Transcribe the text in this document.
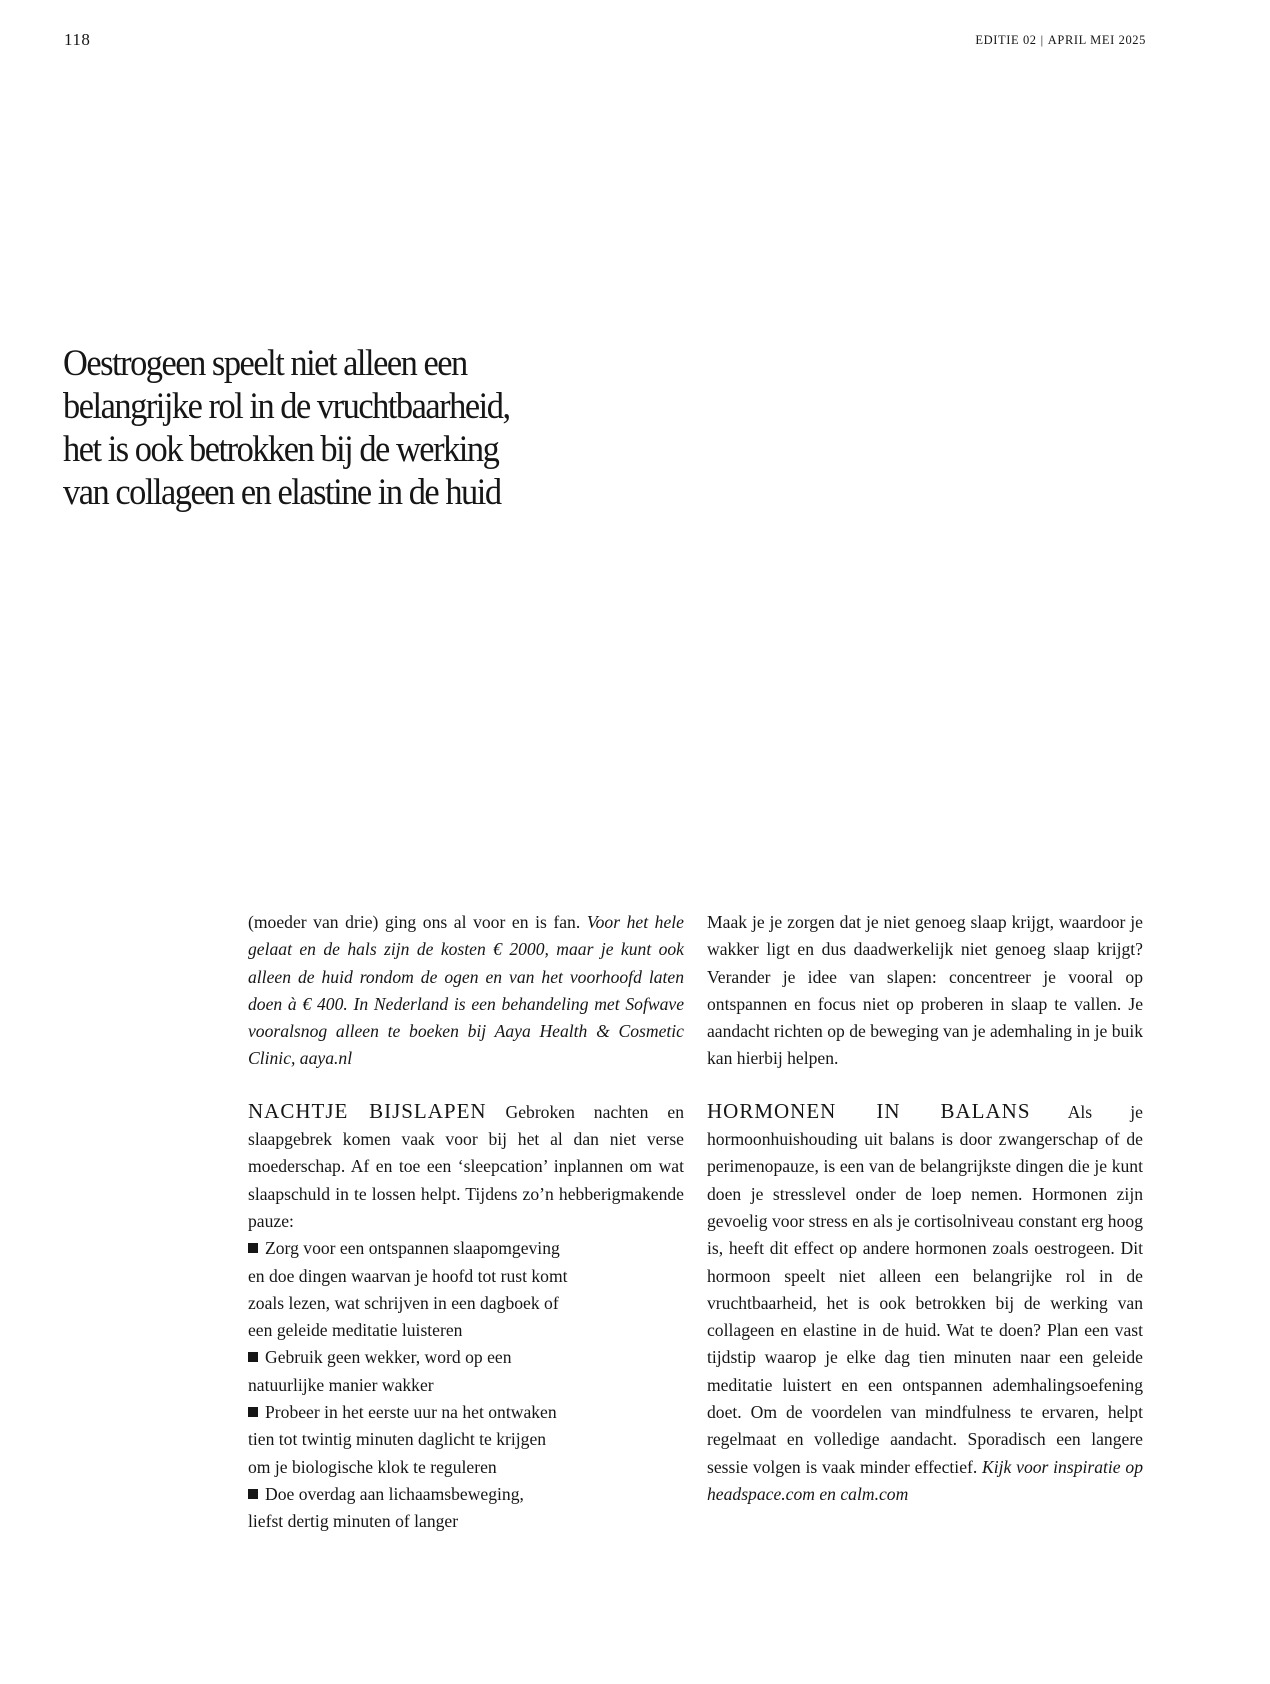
118	EDITIE 02 | APRIL MEI 2025
Oestrogeen speelt niet alleen een
belangrijke rol in de vruchtbaarheid,
het is ook betrokken bij de werking
van collageen en elastine in de huid

(moeder van drie) ging ons al voor en is fan. Voor het hele gelaat en de hals zijn de kosten € 2000, maar je kunt ook alleen de huid rondom de ogen en van het voorhoofd laten doen à € 400. In Nederland is een behandeling met Sofwave vooralsnog alleen te boeken bij Aaya Health & Cosmetic Clinic, aaya.nl

NACHTJE BIJSLAPEN Gebroken nachten en slaapgebrek komen vaak voor bij het al dan niet verse moederschap. Af en toe een ‘sleepcation’ inplannen om wat slaapschuld in te lossen helpt. Tijdens zo’n hebberigmakende pauze:

Zorg voor een ontspannen slaapomgeving
en doe dingen waarvan je hoofd tot rust komt
zoals lezen, wat schrijven in een dagboek of
een geleide meditatie luisteren
Gebruik geen wekker, word op een
natuurlijke manier wakker
Probeer in het eerste uur na het ontwaken
tien tot twintig minuten daglicht te krijgen
om je biologische klok te reguleren
Doe overdag aan lichaamsbeweging,
liefst dertig minuten of langer

Maak je je zorgen dat je niet genoeg slaap krijgt, waardoor je wakker ligt en dus daadwerkelijk niet genoeg slaap krijgt? Verander je idee van slapen: concentreer je vooral op ontspannen en focus niet op proberen in slaap te vallen. Je aandacht richten op de beweging van je ademhaling in je buik kan hierbij helpen.

HORMONEN IN BALANS Als je hormoonhuishouding uit balans is door zwangerschap of de perimenopauze, is een van de belangrijkste dingen die je kunt doen je stresslevel onder de loep nemen. Hormonen zijn gevoelig voor stress en als je cortisolniveau constant erg hoog is, heeft dit effect op andere hormonen zoals oestrogeen. Dit hormoon speelt niet alleen een belangrijke rol in de vruchtbaarheid, het is ook betrokken bij de werking van collageen en elastine in de huid. Wat te doen? Plan een vast tijdstip waarop je elke dag tien minuten naar een geleide meditatie luistert en een ontspannen ademhalingsoefening doet. Om de voordelen van mindfulness te ervaren, helpt regelmaat en volledige aandacht. Sporadisch een langere sessie volgen is vaak minder effectief. Kijk voor inspiratie op headspace.com en calm.com
